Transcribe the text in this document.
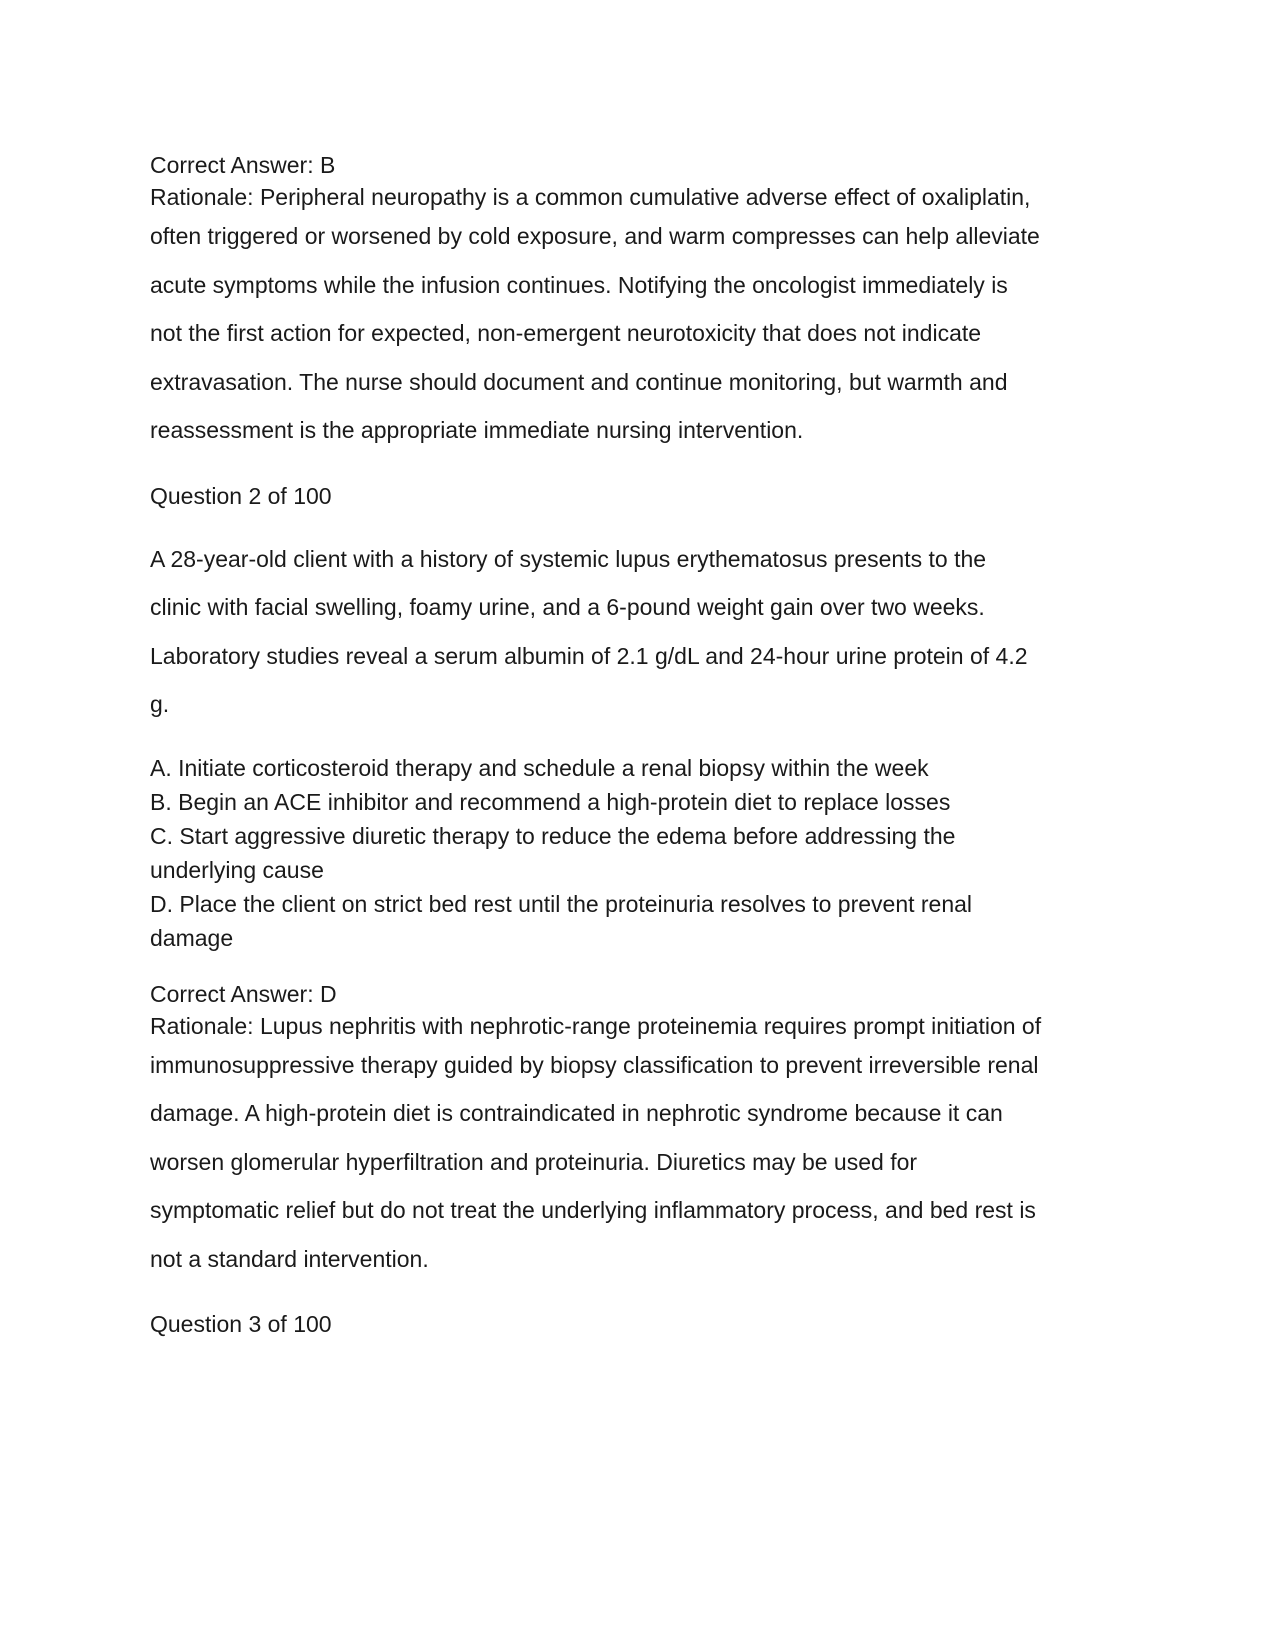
Correct Answer: B
Rationale: Peripheral neuropathy is a common cumulative adverse effect of oxaliplatin,
often triggered or worsened by cold exposure, and warm compresses can help alleviate
acute symptoms while the infusion continues. Notifying the oncologist immediately is
not the first action for expected, non-emergent neurotoxicity that does not indicate
extravasation. The nurse should document and continue monitoring, but warmth and
reassessment is the appropriate immediate nursing intervention.
Question 2 of 100
A 28-year-old client with a history of systemic lupus erythematosus presents to the
clinic with facial swelling, foamy urine, and a 6-pound weight gain over two weeks.
Laboratory studies reveal a serum albumin of 2.1 g/dL and 24-hour urine protein of 4.2
g.
A. Initiate corticosteroid therapy and schedule a renal biopsy within the week
B. Begin an ACE inhibitor and recommend a high-protein diet to replace losses
C. Start aggressive diuretic therapy to reduce the edema before addressing the
underlying cause
D. Place the client on strict bed rest until the proteinuria resolves to prevent renal
damage
Correct Answer: D
Rationale: Lupus nephritis with nephrotic-range proteinemia requires prompt initiation of
immunosuppressive therapy guided by biopsy classification to prevent irreversible renal
damage. A high-protein diet is contraindicated in nephrotic syndrome because it can
worsen glomerular hyperfiltration and proteinuria. Diuretics may be used for
symptomatic relief but do not treat the underlying inflammatory process, and bed rest is
not a standard intervention.
Question 3 of 100
